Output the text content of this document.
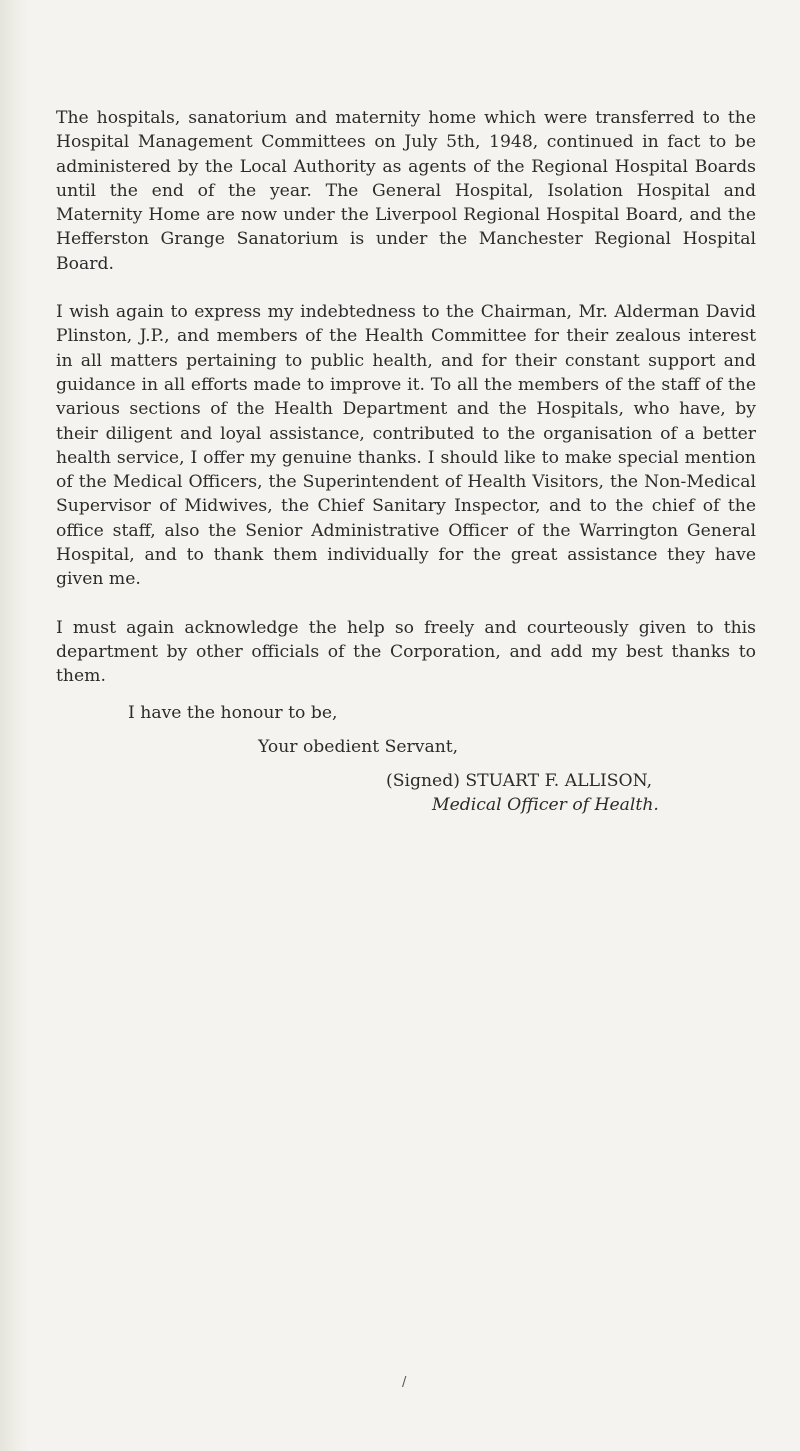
The hospitals, sanatorium and maternity home which were transferred to the Hospital Management Committees on July 5th, 1948, continued in fact to be administered by the Local Authority as agents of the Regional Hospital Boards until the end of the year. The General Hospital, Isolation Hospital and Maternity Home are now under the Liverpool Regional Hospital Board, and the Hefferston Grange Sanatorium is under the Manchester Regional Hospital Board.

I wish again to express my indebtedness to the Chairman, Mr. Alderman David Plinston, J.P., and members of the Health Committee for their zealous interest in all matters pertaining to public health, and for their constant support and guidance in all efforts made to improve it. To all the members of the staff of the various sections of the Health Department and the Hospitals, who have, by their diligent and loyal assistance, contributed to the organisation of a better health service, I offer my genuine thanks. I should like to make special mention of the Medical Officers, the Superintendent of Health Visitors, the Non-Medical Supervisor of Midwives, the Chief Sanitary Inspector, and to the chief of the office staff, also the Senior Administrative Officer of the Warrington General Hospital, and to thank them individually for the great assistance they have given me.

I must again acknowledge the help so freely and courteously given to this department by other officials of the Corporation, and add my best thanks to them.

I have the honour to be,
Your obedient Servant,
(Signed) STUART F. ALLISON,
Medical Officer of Health.
/
